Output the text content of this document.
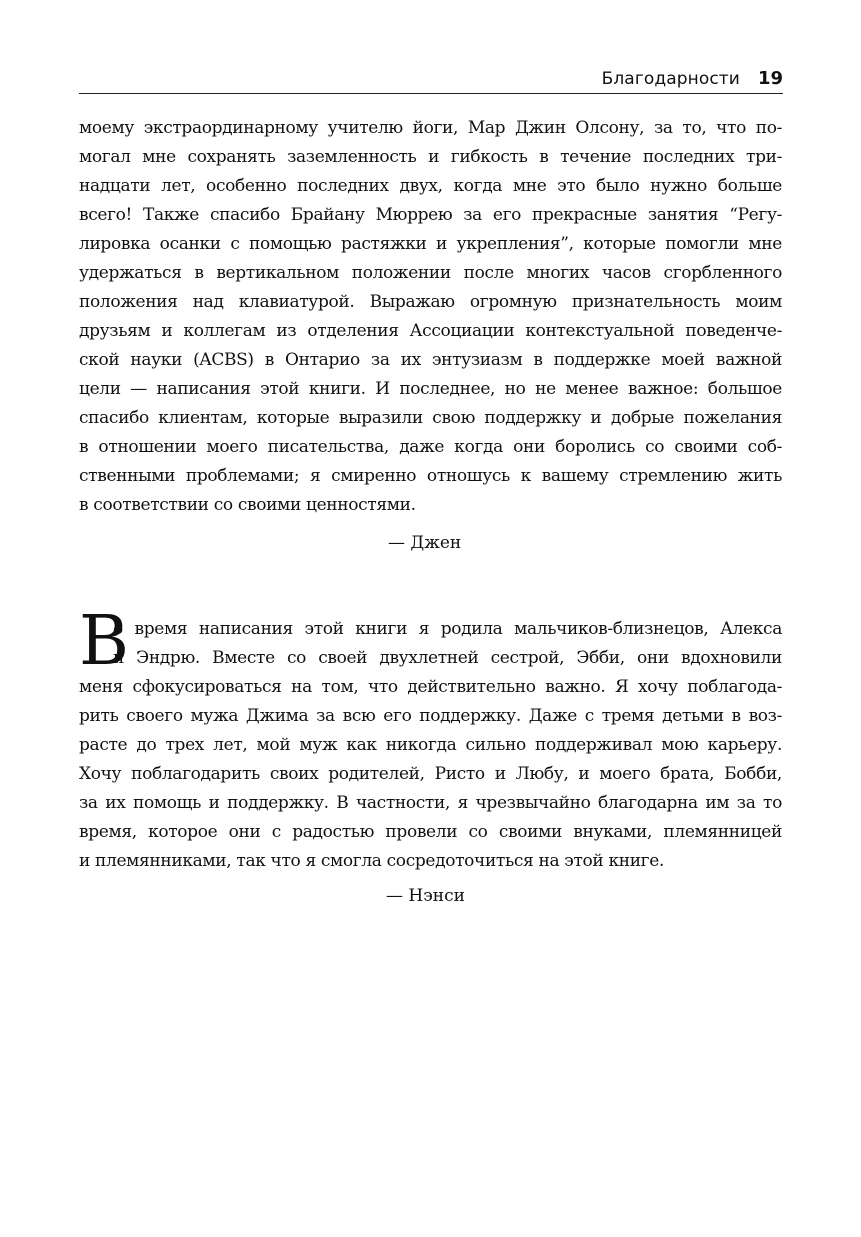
Благодарности 19
моему экстраординарному учителю йоги, Мар Джин Олсону, за то, что по-
могал мне сохранять заземленность и гибкость в течение последних три-
надцати лет, особенно последних двух, когда мне это было нужно больше
всего! Также спасибо Брайану Мюррею за его прекрасные занятия “Регу-
лировка осанки с помощью растяжки и укрепления”, которые помогли мне
удержаться в вертикальном положении после многих часов сгорбленного
положения над клавиатурой. Выражаю огромную признательность моим
друзьям и коллегам из отделения Ассоциации контекстуальной поведенче-
ской науки (ACBS) в Онтарио за их энтузиазм в поддержке моей важной
цели — написания этой книги. И последнее, но не менее важное: большое
спасибо клиентам, которые выразили свою поддержку и добрые пожелания
в отношении моего писательства, даже когда они боролись со своими соб-
ственными проблемами; я смиренно отношусь к вашему стремлению жить
в соответствии со своими ценностями.
— Джен
В
о время написания этой книги я родила мальчиков-близнецов, Алекса
и Эндрю. Вместе со своей двухлетней сестрой, Эбби, они вдохновили
меня сфокусироваться на том, что действительно важно. Я хочу поблагода-
рить своего мужа Джима за всю его поддержку. Даже с тремя детьми в воз-
расте до трех лет, мой муж как никогда сильно поддерживал мою карьеру.
Хочу поблагодарить своих родителей, Ристо и Любу, и моего брата, Бобби,
за их помощь и поддержку. В частности, я чрезвычайно благодарна им за то
время, которое они с радостью провели со своими внуками, племянницей
и племянниками, так что я смогла сосредоточиться на этой книге.
— Нэнси
